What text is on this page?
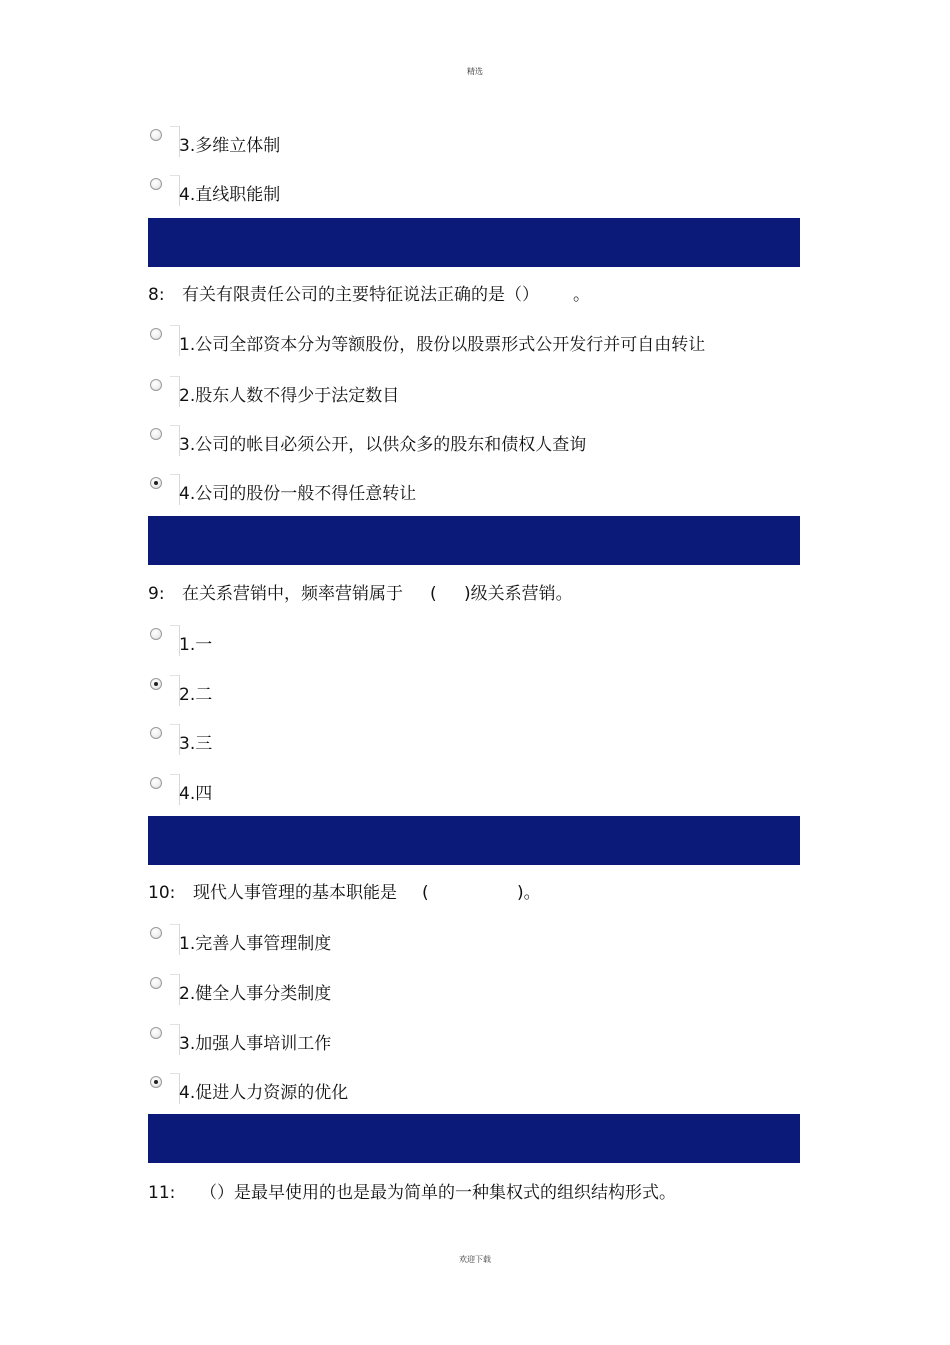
精选
3.多维立体制
4.直线职能制
8: 有关有限责任公司的主要特征说法正确的是（） 。
1.公司全部资本分为等额股份，股份以股票形式公开发行并可自由转让
2.股东人数不得少于法定数目
3.公司的帐目必须公开，以供众多的股东和债权人查询
4.公司的股份一般不得任意转让
9: 在关系营销中，频率营销属于 ( )级关系营销。
1.一
2.二
3.三
4.四
10: 现代人事管理的基本职能是 (	)。
1.完善人事管理制度
2.健全人事分类制度
3.加强人事培训工作
4.促进人力资源的优化
11: （）是最早使用的也是最为简单的一种集权式的组织结构形式。
欢迎下载
